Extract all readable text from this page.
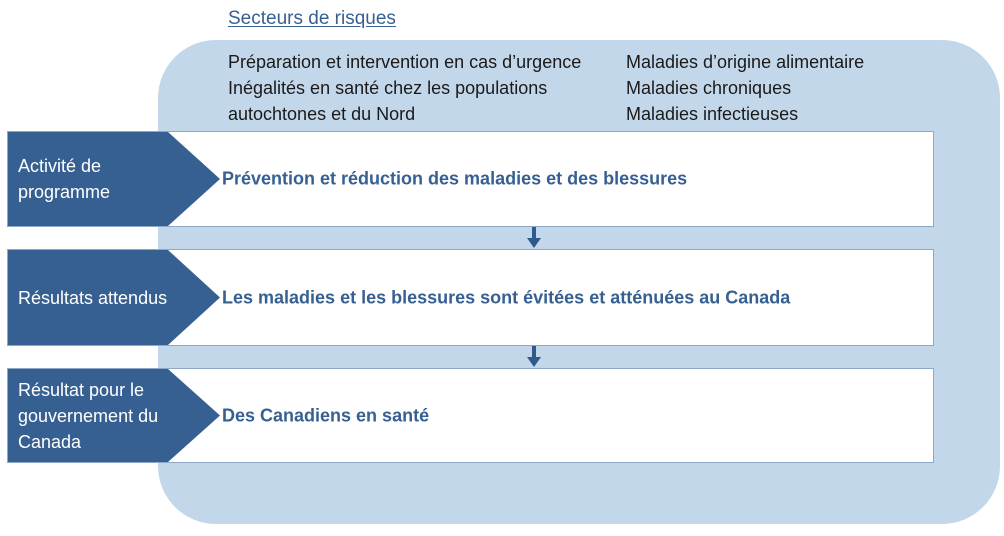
Secteurs de risques
Préparation et intervention en cas d’urgence
Inégalités en santé chez les populations autochtones et du Nord
Maladies d’origine alimentaire
Maladies chroniques
Maladies infectieuses
Activité de programme
Prévention et réduction des maladies et des blessures
Résultats attendus	Les maladies et les blessures sont évitées et atténuées au Canada
Résultat pour le gouvernement du Canada
Des Canadiens en santé
